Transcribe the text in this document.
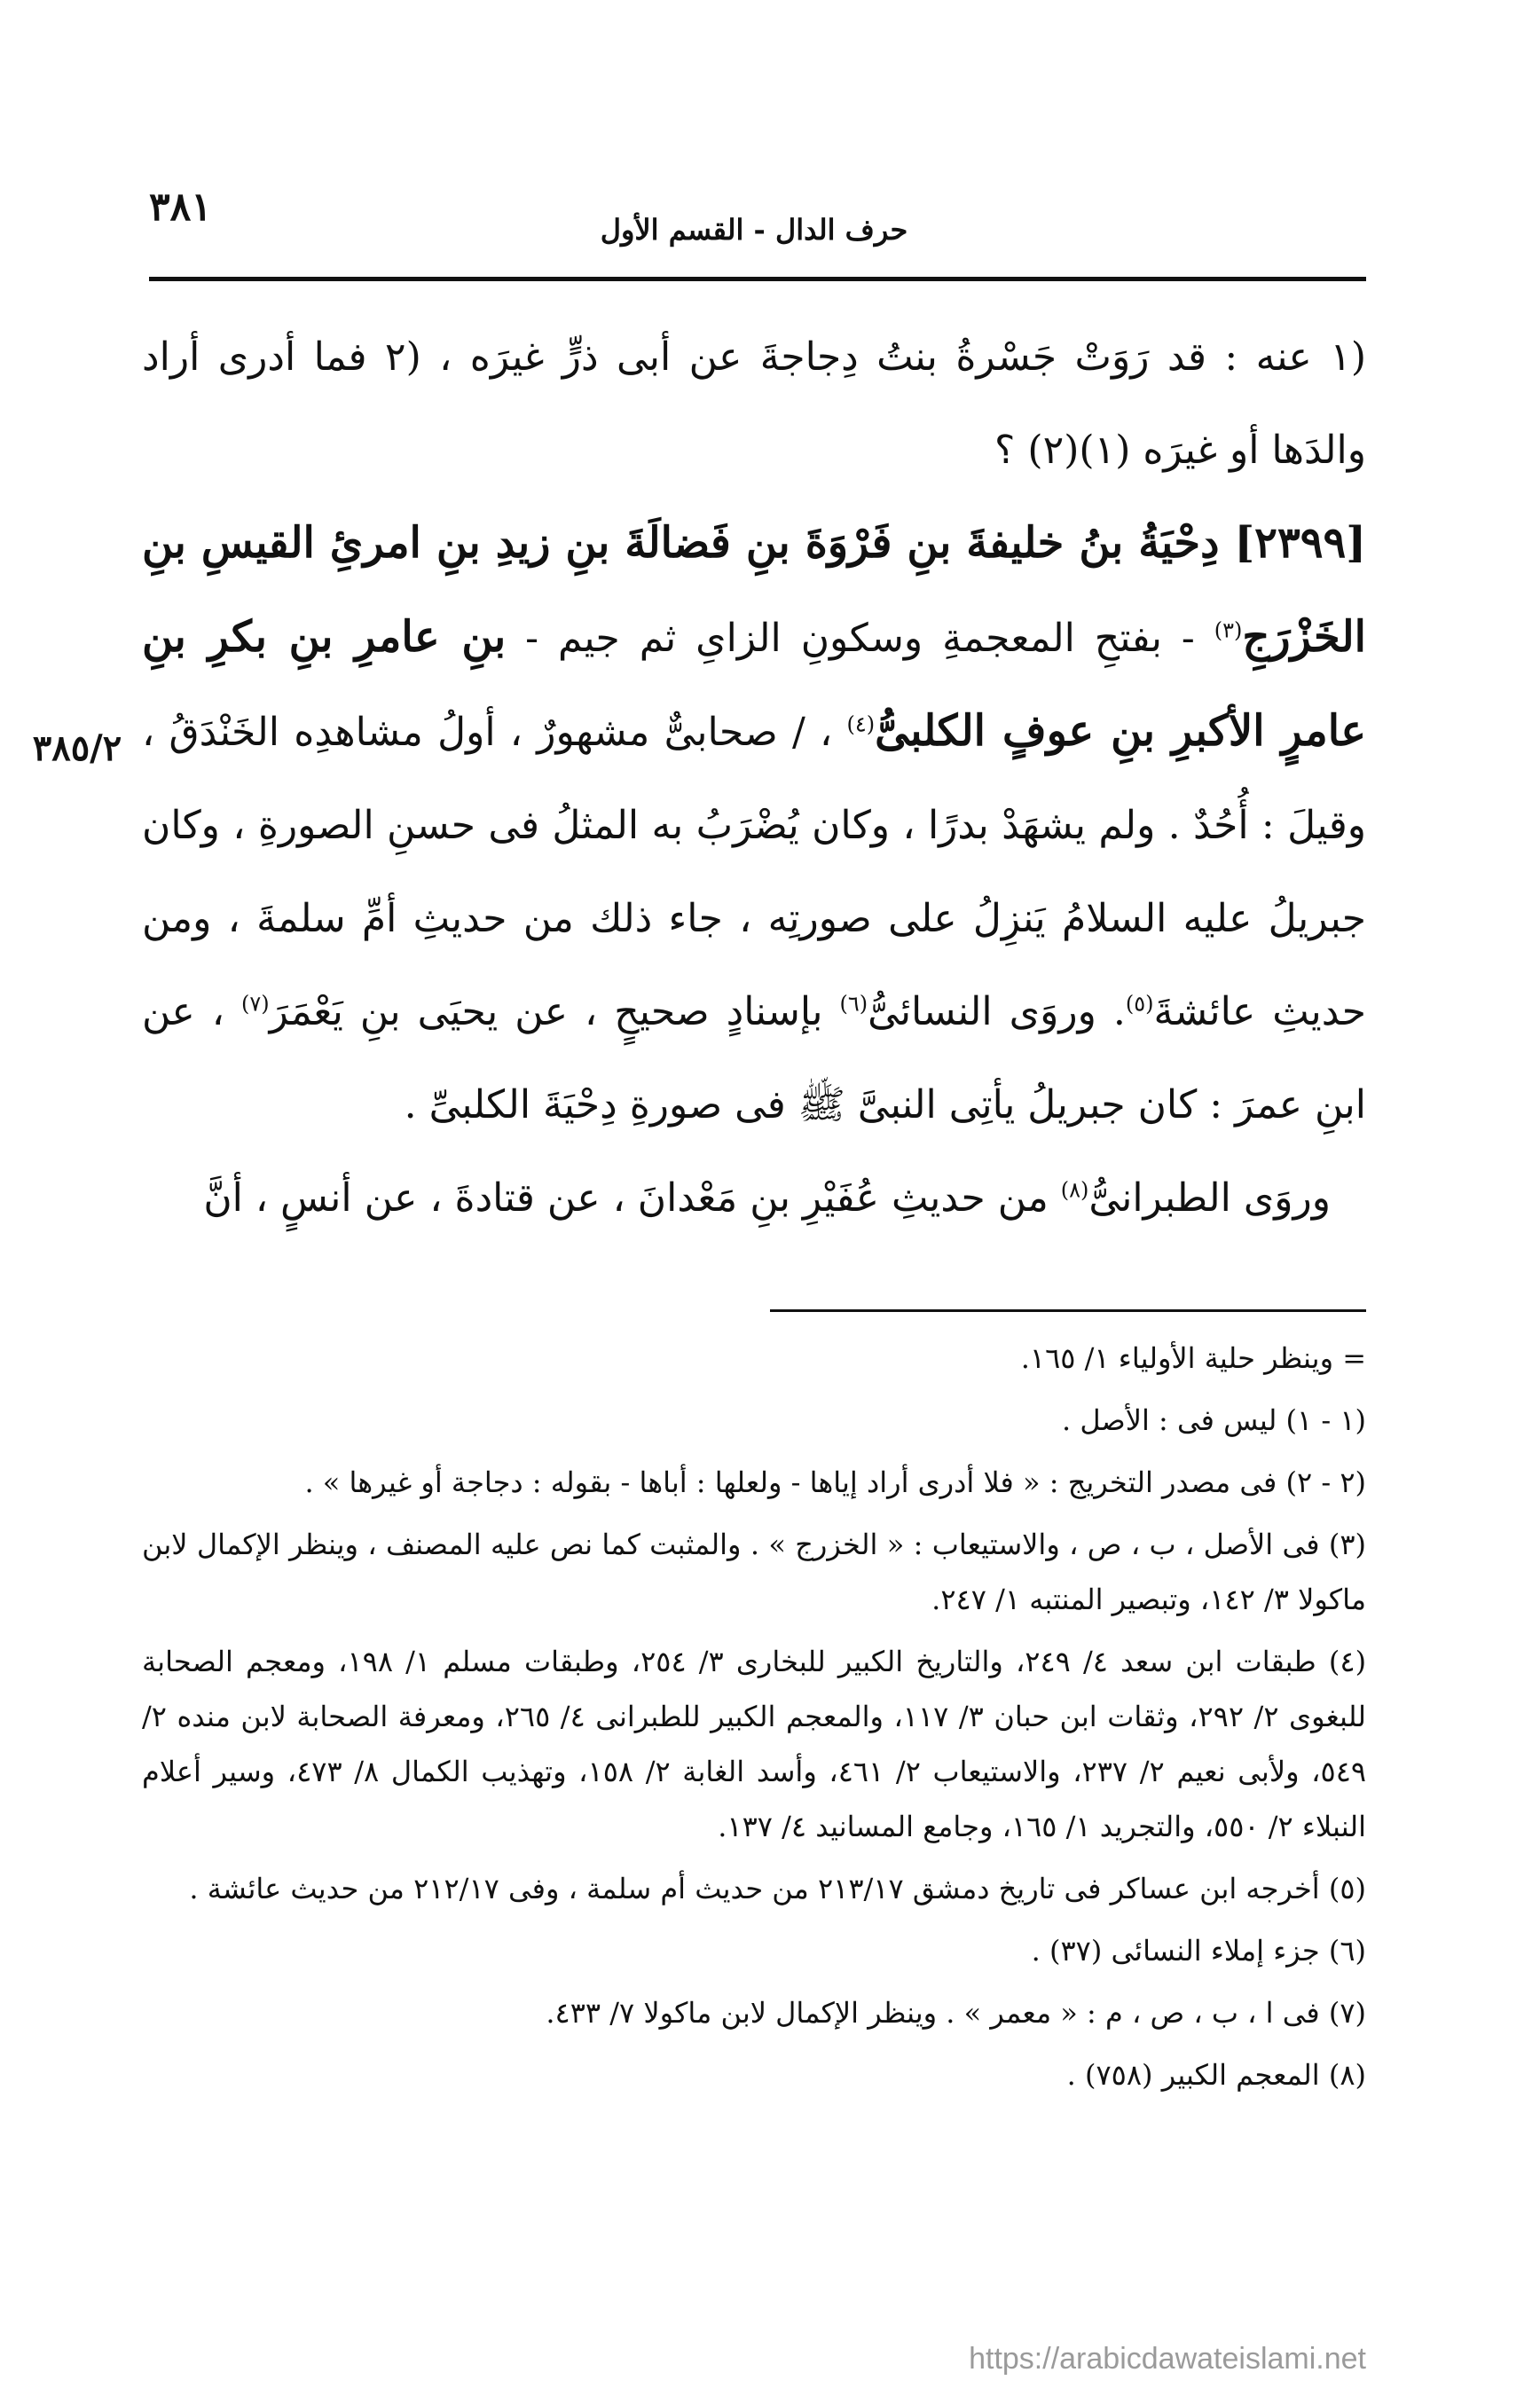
٣٨١	حرف الدال - القسم الأول
٣٨٥/٢

(١ عنه : قد رَوَتْ جَسْرةُ بنتُ دِجاجةَ عن أبى ذرٍّ غيرَه ، (٢ فما أدرى أراد والدَها أو غيرَه (١)(٢) ؟

[٢٣٩٩] دِحْيَةُ بنُ خليفةَ بنِ فَرْوَةَ بنِ فَضالَةَ بنِ زيدِ بنِ امرئِ القيسِ بنِ الخَزْرَجِ$^{(٣)}$ - بفتحِ المعجمةِ وسكونِ الزاىِ ثم جيم - بنِ عامرِ بنِ بكرِ بنِ عامرٍ الأكبرِ بنِ عوفٍ الكلبىُّ$^{(٤)}$ ، / صحابىٌّ مشهورٌ ، أولُ مشاهدِه الخَنْدَقُ ، وقيلَ : أُحُدٌ . ولم يشهَدْ بدرًا ، وكان يُضْرَبُ به المثلُ فى حسنِ الصورةِ ، وكان جبريلُ عليه السلامُ يَنزِلُ على صورتِه ، جاء ذلك من حديثِ أمِّ سلمةَ ، ومن حديثِ عائشةَ$^{(٥)}$. وروَى النسائىُّ$^{(٦)}$ بإسنادٍ صحيحٍ ، عن يحيَى بنِ يَعْمَرَ$^{(٧)}$ ، عن ابنِ عمرَ : كان جبريلُ يأتِى النبىَّ ﷺ فى صورةِ دِحْيَةَ الكلبىِّ .

وروَى الطبرانىُّ$^{(٨)}$ من حديثِ عُفَيْرِ بنِ مَعْدانَ ، عن قتادةَ ، عن أنسٍ ، أنَّ

= وينظر حلية الأولياء ١/ ١٦٥.

(١ - ١) ليس فى : الأصل .

(٢ - ٢) فى مصدر التخريج : « فلا أدرى أراد إياها - ولعلها : أباها - بقوله : دجاجة أو غيرها » .

(٣) فى الأصل ، ب ، ص ، والاستيعاب : « الخزرج » . والمثبت كما نص عليه المصنف ، وينظر الإكمال لابن ماكولا ٣/ ١٤٢، وتبصير المنتبه ١/ ٢٤٧.

(٤) طبقات ابن سعد ٤/ ٢٤٩، والتاريخ الكبير للبخارى ٣/ ٢٥٤، وطبقات مسلم ١/ ١٩٨، ومعجم الصحابة للبغوى ٢/ ٢٩٢، وثقات ابن حبان ٣/ ١١٧، والمعجم الكبير للطبرانى ٤/ ٢٦٥، ومعرفة الصحابة لابن منده ٢/ ٥٤٩، ولأبى نعيم ٢/ ٢٣٧، والاستيعاب ٢/ ٤٦١، وأسد الغابة ٢/ ١٥٨، وتهذيب الكمال ٨/ ٤٧٣، وسير أعلام النبلاء ٢/ ٥٥٠، والتجريد ١/ ١٦٥، وجامع المسانيد ٤/ ١٣٧.

(٥) أخرجه ابن عساكر فى تاريخ دمشق ٢١٣/١٧ من حديث أم سلمة ، وفى ٢١٢/١٧ من حديث عائشة .

(٦) جزء إملاء النسائى (٣٧) .

(٧) فى ا ، ب ، ص ، م : « معمر » . وينظر الإكمال لابن ماكولا ٧/ ٤٣٣.

(٨) المعجم الكبير (٧٥٨) .

https://arabicdawateislami.net
